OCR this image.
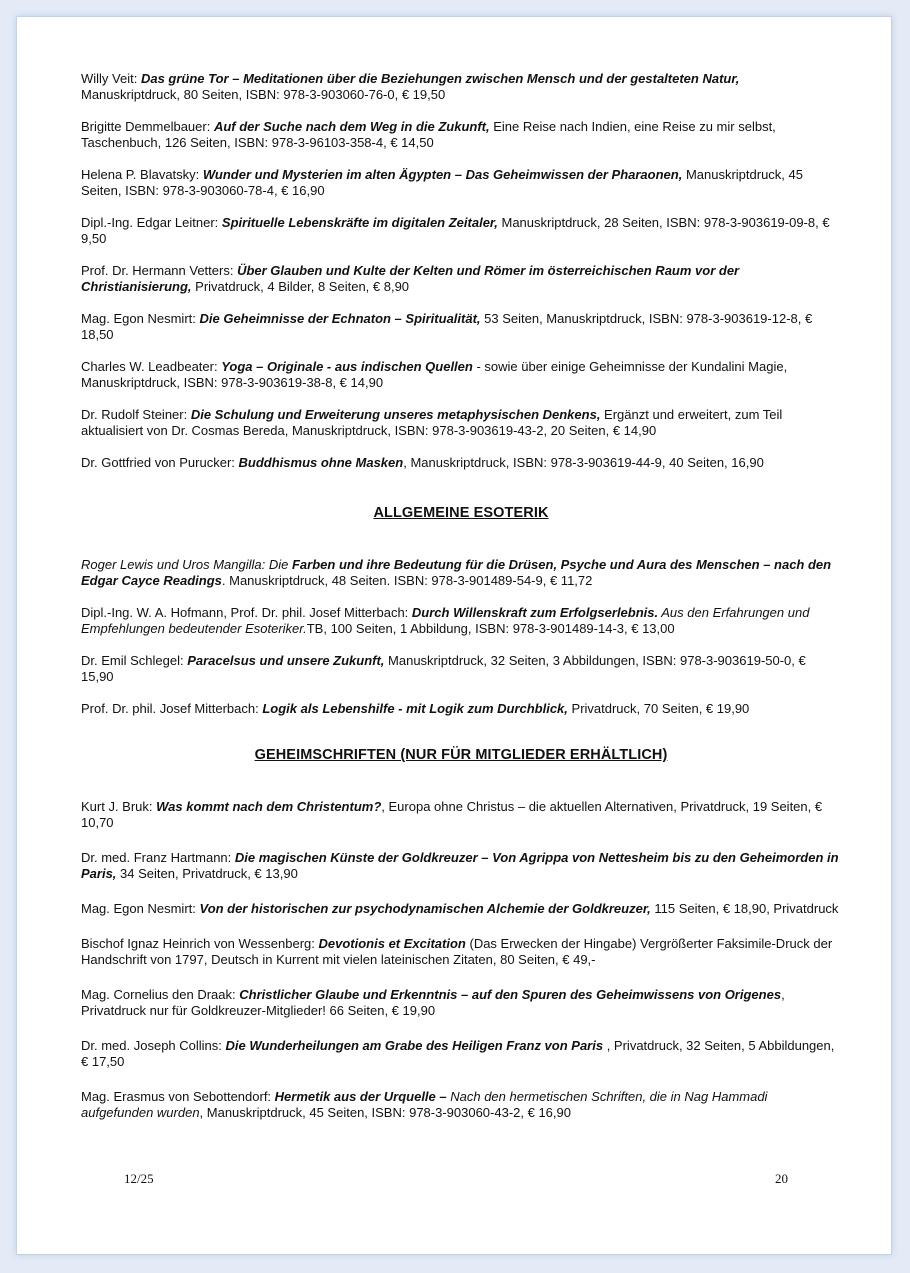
Willy Veit: Das grüne Tor – Meditationen über die Beziehungen zwischen Mensch und der gestalteten Natur, Manuskriptdruck, 80 Seiten, ISBN: 978-3-903060-76-0, € 19,50
Brigitte Demmelbauer: Auf der Suche nach dem Weg in die Zukunft, Eine Reise nach Indien, eine Reise zu mir selbst, Taschenbuch, 126 Seiten, ISBN: 978-3-96103-358-4, € 14,50
Helena P. Blavatsky: Wunder und Mysterien im alten Ägypten – Das Geheimwissen der Pharaonen, Manuskriptdruck, 45 Seiten, ISBN: 978-3-903060-78-4, € 16,90
Dipl.-Ing. Edgar Leitner: Spirituelle Lebenskräfte im digitalen Zeitaler, Manuskriptdruck, 28 Seiten, ISBN: 978-3-903619-09-8, € 9,50
Prof. Dr. Hermann Vetters: Über Glauben und Kulte der Kelten und Römer im österreichischen Raum vor der Christianisierung, Privatdruck, 4 Bilder, 8 Seiten, € 8,90
Mag. Egon Nesmirt: Die Geheimnisse der Echnaton – Spiritualität, 53 Seiten, Manuskriptdruck, ISBN: 978-3-903619-12-8, € 18,50
Charles W. Leadbeater: Yoga – Originale - aus indischen Quellen - sowie über einige Geheimnisse der Kundalini Magie, Manuskriptdruck, ISBN: 978-3-903619-38-8, € 14,90
Dr. Rudolf Steiner: Die Schulung und Erweiterung unseres metaphysischen Denkens, Ergänzt und erweitert, zum Teil aktualisiert von Dr. Cosmas Bereda, Manuskriptdruck, ISBN: 978-3-903619-43-2, 20 Seiten, € 14,90
Dr. Gottfried von Purucker: Buddhismus ohne Masken, Manuskriptdruck, ISBN: 978-3-903619-44-9, 40 Seiten, 16,90
ALLGEMEINE ESOTERIK
Roger Lewis und Uros Mangilla: Die Farben und ihre Bedeutung für die Drüsen, Psyche und Aura des Menschen – nach den Edgar Cayce Readings. Manuskriptdruck, 48 Seiten. ISBN: 978-3-901489-54-9, € 11,72
Dipl.-Ing. W. A. Hofmann, Prof. Dr. phil. Josef Mitterbach: Durch Willenskraft zum Erfolgserlebnis. Aus den Erfahrungen und Empfehlungen bedeutender Esoteriker.TB, 100 Seiten, 1 Abbildung, ISBN: 978-3-901489-14-3, € 13,00
Dr. Emil Schlegel: Paracelsus und unsere Zukunft, Manuskriptdruck, 32 Seiten, 3 Abbildungen, ISBN: 978-3-903619-50-0, € 15,90
Prof. Dr. phil. Josef Mitterbach: Logik als Lebenshilfe - mit Logik zum Durchblick, Privatdruck, 70 Seiten, € 19,90
GEHEIMSCHRIFTEN (NUR FÜR MITGLIEDER ERHÄLTLICH)
Kurt J. Bruk: Was kommt nach dem Christentum?, Europa ohne Christus – die aktuellen Alternativen, Privatdruck, 19 Seiten, € 10,70
Dr. med. Franz Hartmann: Die magischen Künste der Goldkreuzer – Von Agrippa von Nettesheim bis zu den Geheimorden in Paris, 34 Seiten, Privatdruck, € 13,90
Mag. Egon Nesmirt: Von der historischen zur psychodynamischen Alchemie der Goldkreuzer, 115 Seiten, € 18,90, Privatdruck
Bischof Ignaz Heinrich von Wessenberg: Devotionis et Excitation (Das Erwecken der Hingabe) Vergrößerter Faksimile-Druck der Handschrift von 1797, Deutsch in Kurrent mit vielen lateinischen Zitaten, 80 Seiten, € 49,-
Mag. Cornelius den Draak: Christlicher Glaube und Erkenntnis – auf den Spuren des Geheimwissens von Origenes, Privatdruck nur für Goldkreuzer-Mitglieder! 66 Seiten, € 19,90
Dr. med. Joseph Collins: Die Wunderheilungen am Grabe des Heiligen Franz von Paris , Privatdruck, 32 Seiten, 5 Abbildungen, € 17,50
Mag. Erasmus von Sebottendorf: Hermetik aus der Urquelle – Nach den hermetischen Schriften, die in Nag Hammadi aufgefunden wurden, Manuskriptdruck, 45 Seiten, ISBN: 978-3-903060-43-2, € 16,90
12/25	20
